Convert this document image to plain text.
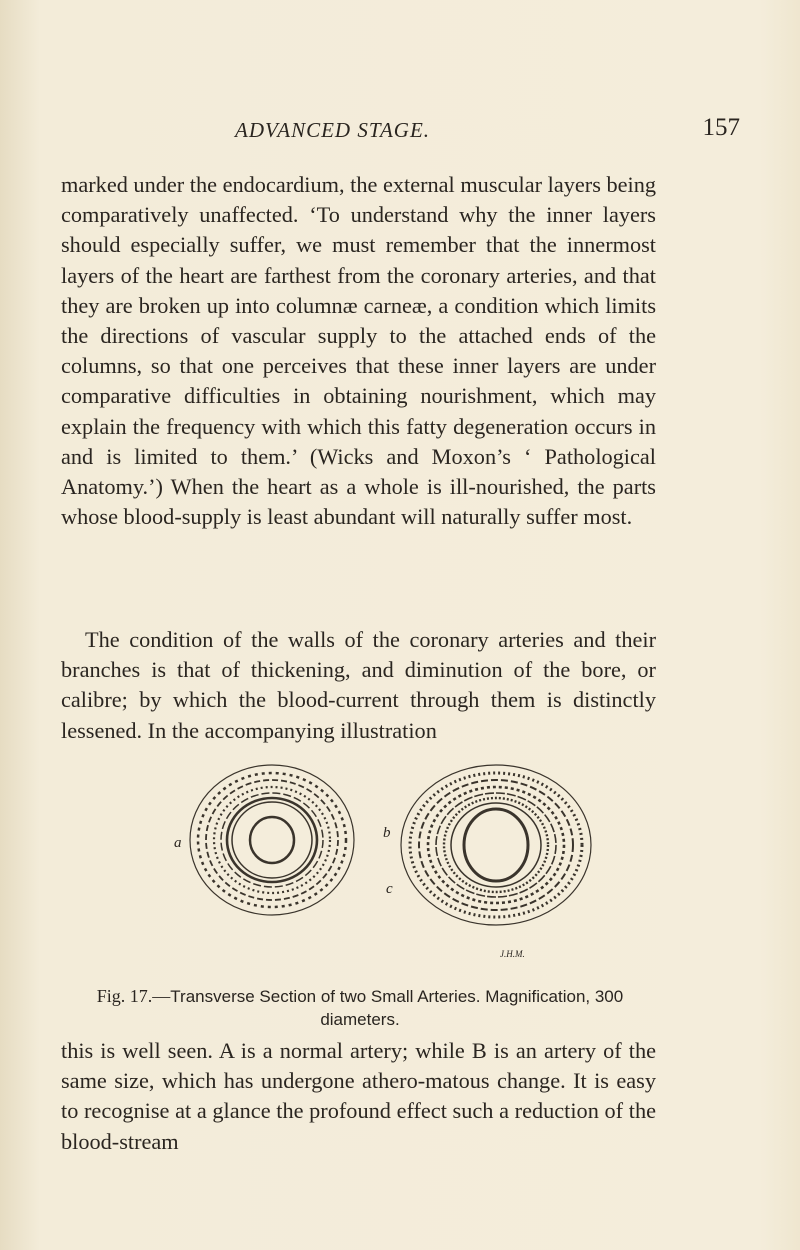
ADVANCED STAGE.	157

marked under the endocardium, the external muscular layers being comparatively unaffected. ‘To understand why the inner layers should especially suffer, we must remember that the innermost layers of the heart are farthest from the coronary arteries, and that they are broken up into columnæ carneæ, a condition which limits the directions of vascular supply to the attached ends of the columns, so that one perceives that these inner layers are under comparative difficulties in obtaining nourishment, which may explain the frequency with which this fatty degeneration occurs in and is limited to them.’ (Wicks and Moxon’s ‘ Pathological Anatomy.’) When the heart as a whole is ill-nourished, the parts whose blood-supply is least abundant will naturally suffer most.

The condition of the walls of the coronary arteries and their branches is that of thickening, and diminution of the bore, or calibre; by which the blood-current through them is distinctly lessened. In the accompanying illustration

a
b
c
J.H.M.
Fig. 17.—Transverse Section of two Small Arteries. Magnification, 300 diameters.

this is well seen. A is a normal artery; while B is an artery of the same size, which has undergone athero-matous change. It is easy to recognise at a glance the profound effect such a reduction of the blood-stream
